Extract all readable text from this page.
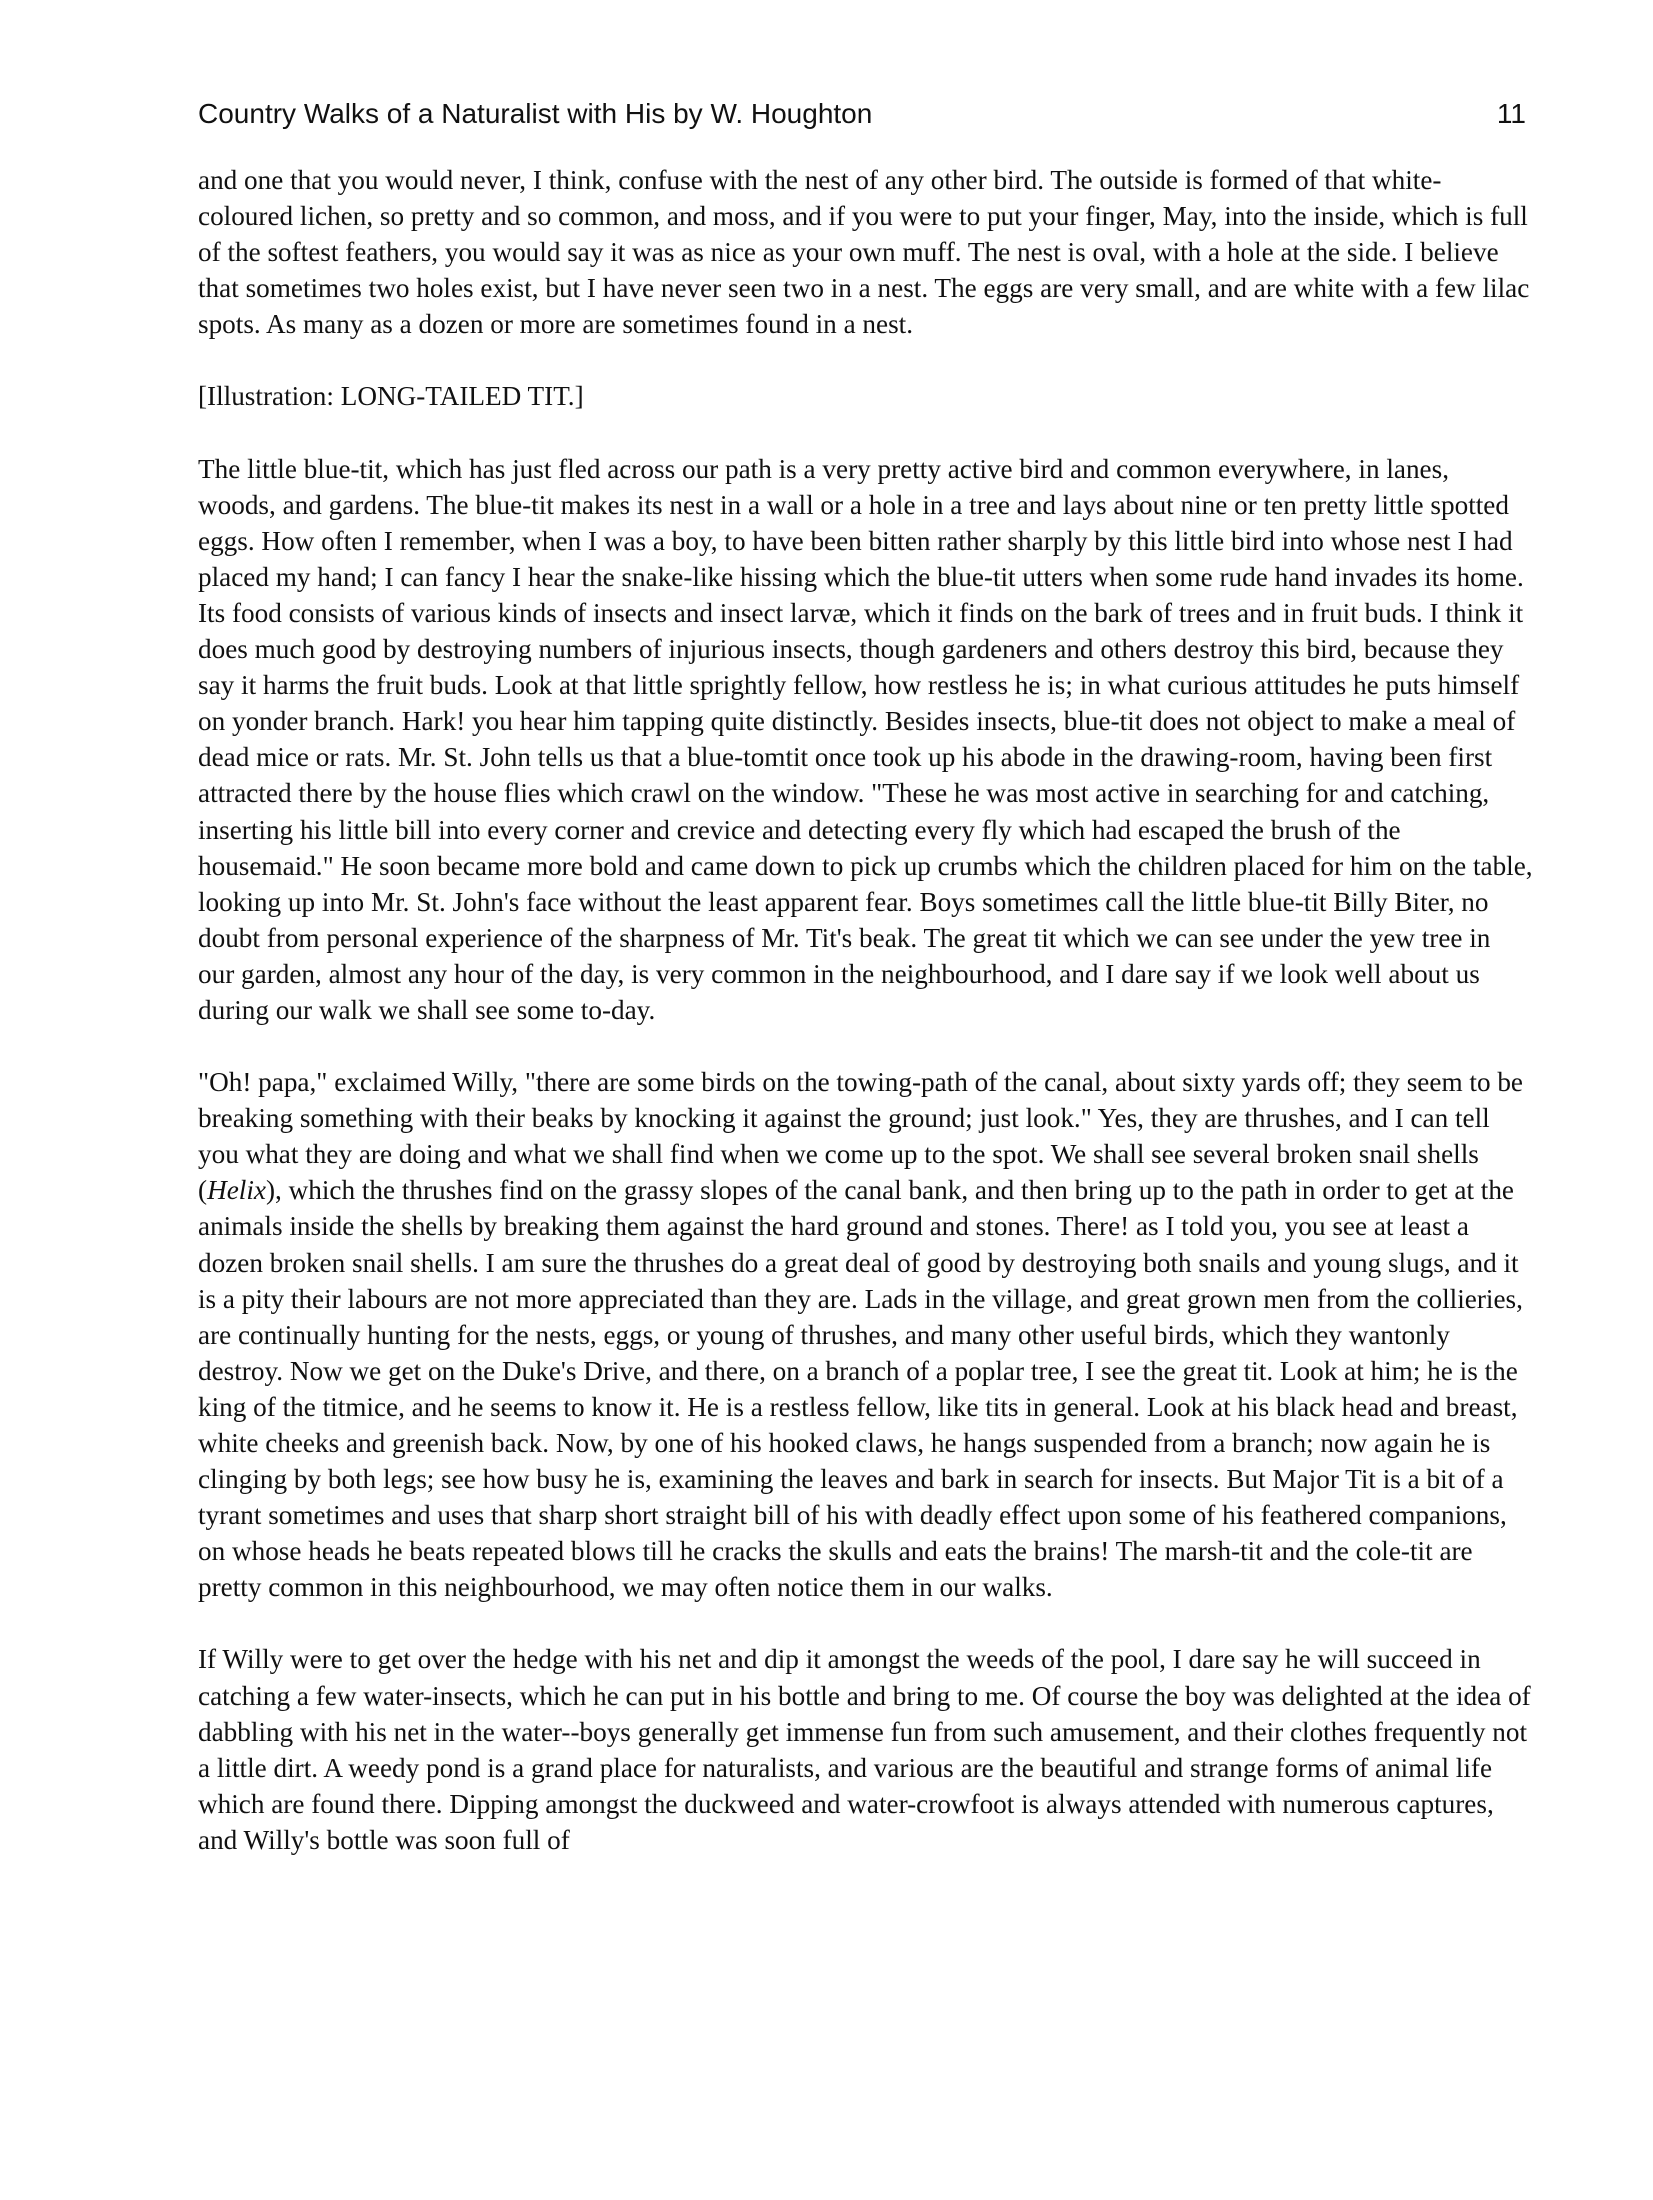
Country Walks of a Naturalist with His by W. Houghton	11

and one that you would never, I think, confuse with the nest of any other bird. The outside is formed of that white-coloured lichen, so pretty and so common, and moss, and if you were to put your finger, May, into the inside, which is full of the softest feathers, you would say it was as nice as your own muff. The nest is oval, with a hole at the side. I believe that sometimes two holes exist, but I have never seen two in a nest. The eggs are very small, and are white with a few lilac spots. As many as a dozen or more are sometimes found in a nest.

[Illustration: LONG-TAILED TIT.]

The little blue-tit, which has just fled across our path is a very pretty active bird and common everywhere, in lanes, woods, and gardens. The blue-tit makes its nest in a wall or a hole in a tree and lays about nine or ten pretty little spotted eggs. How often I remember, when I was a boy, to have been bitten rather sharply by this little bird into whose nest I had placed my hand; I can fancy I hear the snake-like hissing which the blue-tit utters when some rude hand invades its home. Its food consists of various kinds of insects and insect larvæ, which it finds on the bark of trees and in fruit buds. I think it does much good by destroying numbers of injurious insects, though gardeners and others destroy this bird, because they say it harms the fruit buds. Look at that little sprightly fellow, how restless he is; in what curious attitudes he puts himself on yonder branch. Hark! you hear him tapping quite distinctly. Besides insects, blue-tit does not object to make a meal of dead mice or rats. Mr. St. John tells us that a blue-tomtit once took up his abode in the drawing-room, having been first attracted there by the house flies which crawl on the window. "These he was most active in searching for and catching, inserting his little bill into every corner and crevice and detecting every fly which had escaped the brush of the housemaid." He soon became more bold and came down to pick up crumbs which the children placed for him on the table, looking up into Mr. St. John's face without the least apparent fear. Boys sometimes call the little blue-tit Billy Biter, no doubt from personal experience of the sharpness of Mr. Tit's beak. The great tit which we can see under the yew tree in our garden, almost any hour of the day, is very common in the neighbourhood, and I dare say if we look well about us during our walk we shall see some to-day.

"Oh! papa," exclaimed Willy, "there are some birds on the towing-path of the canal, about sixty yards off; they seem to be breaking something with their beaks by knocking it against the ground; just look." Yes, they are thrushes, and I can tell you what they are doing and what we shall find when we come up to the spot. We shall see several broken snail shells (Helix), which the thrushes find on the grassy slopes of the canal bank, and then bring up to the path in order to get at the animals inside the shells by breaking them against the hard ground and stones. There! as I told you, you see at least a dozen broken snail shells. I am sure the thrushes do a great deal of good by destroying both snails and young slugs, and it is a pity their labours are not more appreciated than they are. Lads in the village, and great grown men from the collieries, are continually hunting for the nests, eggs, or young of thrushes, and many other useful birds, which they wantonly destroy. Now we get on the Duke's Drive, and there, on a branch of a poplar tree, I see the great tit. Look at him; he is the king of the titmice, and he seems to know it. He is a restless fellow, like tits in general. Look at his black head and breast, white cheeks and greenish back. Now, by one of his hooked claws, he hangs suspended from a branch; now again he is clinging by both legs; see how busy he is, examining the leaves and bark in search for insects. But Major Tit is a bit of a tyrant sometimes and uses that sharp short straight bill of his with deadly effect upon some of his feathered companions, on whose heads he beats repeated blows till he cracks the skulls and eats the brains! The marsh-tit and the cole-tit are pretty common in this neighbourhood, we may often notice them in our walks.

If Willy were to get over the hedge with his net and dip it amongst the weeds of the pool, I dare say he will succeed in catching a few water-insects, which he can put in his bottle and bring to me. Of course the boy was delighted at the idea of dabbling with his net in the water--boys generally get immense fun from such amusement, and their clothes frequently not a little dirt. A weedy pond is a grand place for naturalists, and various are the beautiful and strange forms of animal life which are found there. Dipping amongst the duckweed and water-crowfoot is always attended with numerous captures, and Willy's bottle was soon full of
